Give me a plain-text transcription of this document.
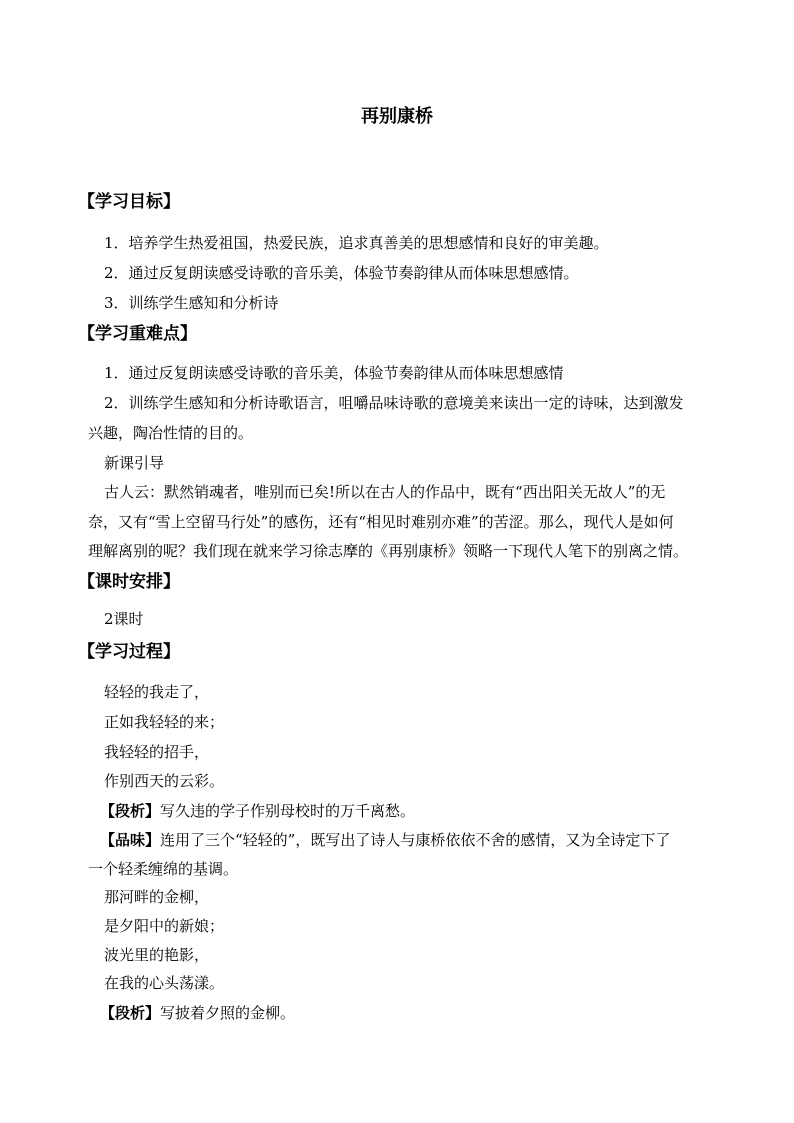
再别康桥
【学习目标】
1．培养学生热爱祖国，热爱民族，追求真善美的思想感情和良好的审美趣。
2．通过反复朗读感受诗歌的音乐美，体验节奏韵律从而体味思想感情。
3．训练学生感知和分析诗
【学习重难点】
1．通过反复朗读感受诗歌的音乐美，体验节奏韵律从而体味思想感情
2．训练学生感知和分析诗歌语言，咀嚼品味诗歌的意境美来读出一定的诗味，达到激发
兴趣，陶冶性情的目的。
新课引导
古人云：默然销魂者，唯别而已矣!所以在古人的作品中，既有“西出阳关无故人”的无
奈，又有“雪上空留马行处”的感伤，还有“相见时难别亦难”的苦涩。那么，现代人是如何
理解离别的呢？我们现在就来学习徐志摩的《再别康桥》领略一下现代人笔下的别离之情。
【课时安排】
2课时
【学习过程】
轻轻的我走了，
正如我轻轻的来；
我轻轻的招手，
作别西天的云彩。
【段析】写久违的学子作别母校时的万千离愁。
【品味】连用了三个“轻轻的”，既写出了诗人与康桥依依不舍的感情，又为全诗定下了
一个轻柔缠绵的基调。
那河畔的金柳，
是夕阳中的新娘；
波光里的艳影，
在我的心头荡漾。
【段析】写披着夕照的金柳。
